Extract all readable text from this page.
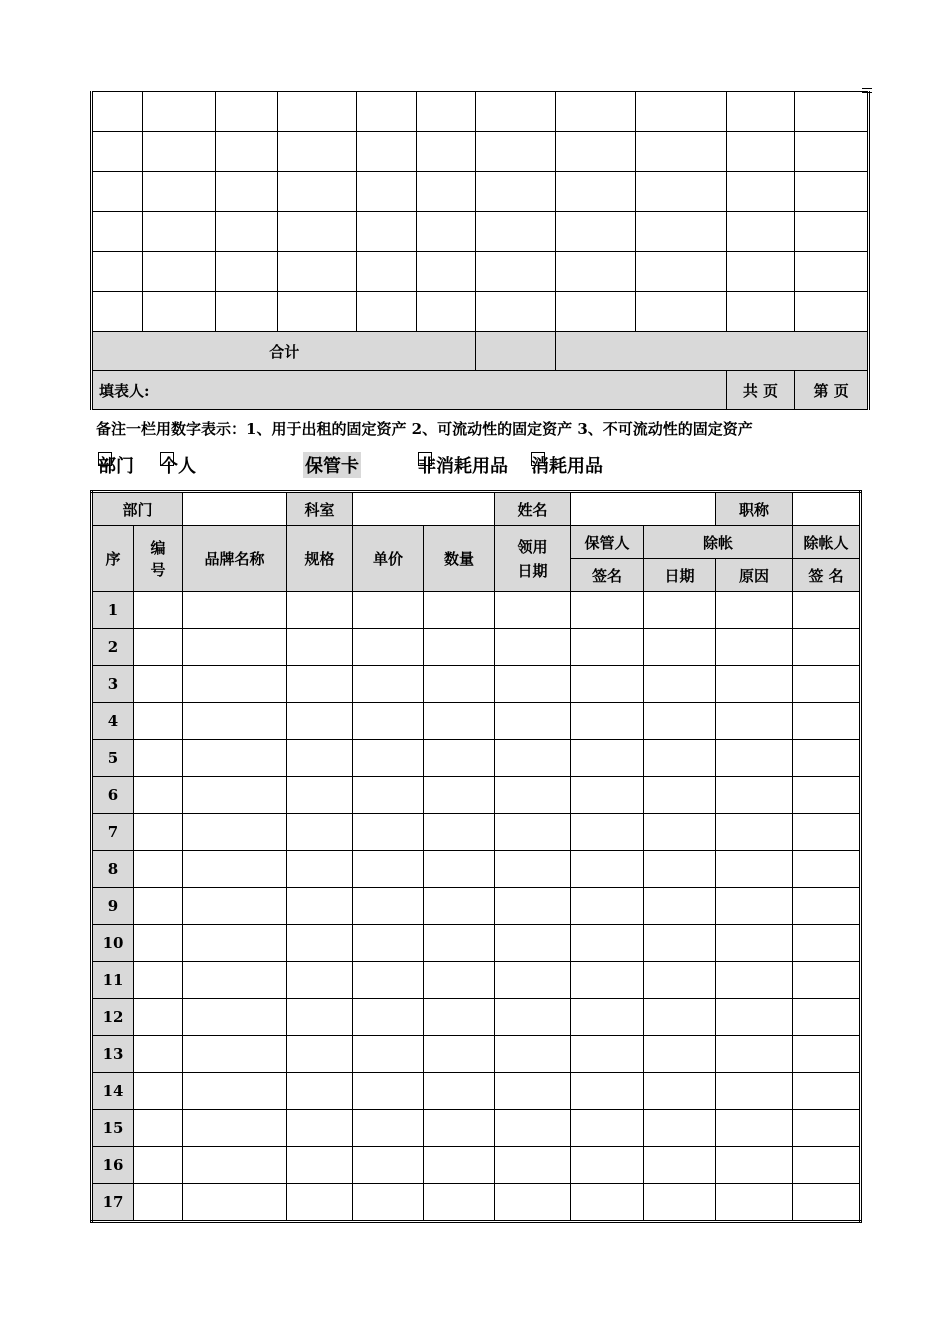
合计										
填表人:									共 页	第 页
备注一栏用数字表示：1、用于出租的固定资产 2、可流动性的固定资产 3、不可流动性的固定资产
部门 个人	保管卡	非消耗用品 消耗用品
部门			科室			姓名			职称	
序	编号	品牌名称	规格	单价	数量	领用日期	保管人	除帐		除帐人
							签名	日期	原因	签 名
1										
2										
3										
4										
5										
6										
7										
8										
9										
10										
11										
12										
13										
14										
15										
16										
17										
